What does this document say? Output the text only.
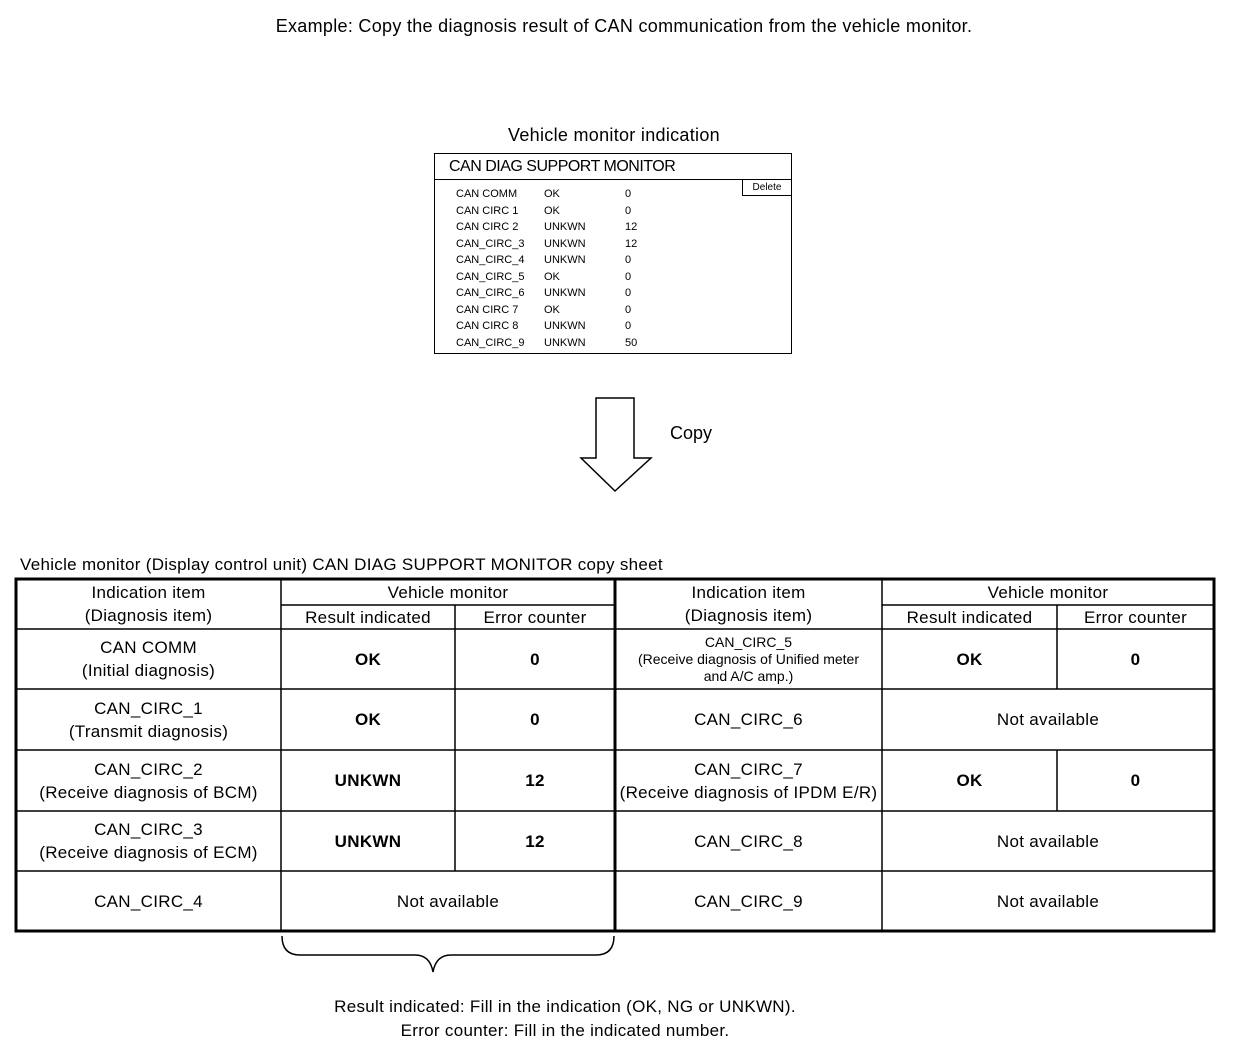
Example: Copy the diagnosis result of CAN communication from the vehicle monitor.
Vehicle monitor indication
CAN DIAG SUPPORT MONITOR
Delete
CAN COMM OK	0
CAN CIRC 1 OK	0
CAN CIRC 2 UNKWN	12
CAN_CIRC_3 UNKWN	12
CAN_CIRC_4 UNKWN	0
CAN_CIRC_5 OK	0
CAN_CIRC_6 UNKWN	0
CAN CIRC 7 OK	0
CAN CIRC 8 UNKWN	0
CAN_CIRC_9 UNKWN	50
Copy
Vehicle monitor (Display control unit) CAN DIAG SUPPORT MONITOR copy sheet
Indication item
(Diagnosis item)
Vehicle monitor
Result indicated	Error counter
Indication item
(Diagnosis item)
Vehicle monitor
Result indicated	Error counter
CAN COMM
(Initial diagnosis)
OK	0
CAN_CIRC_1
(Transmit diagnosis)
OK	0
CAN_CIRC_2
(Receive diagnosis of BCM)
UNKWN	12
CAN_CIRC_3
(Receive diagnosis of ECM)
UNKWN	12
CAN_CIRC_4	Not available
CAN_CIRC_5
(Receive diagnosis of Unified meter
and A/C amp.)
OK	0
CAN_CIRC_6	Not available
CAN_CIRC_7
(Receive diagnosis of IPDM E/R)
OK	0
CAN_CIRC_8	Not available
CAN_CIRC_9	Not available
Result indicated: Fill in the indication (OK, NG or UNKWN).
Error counter: Fill in the indicated number.
